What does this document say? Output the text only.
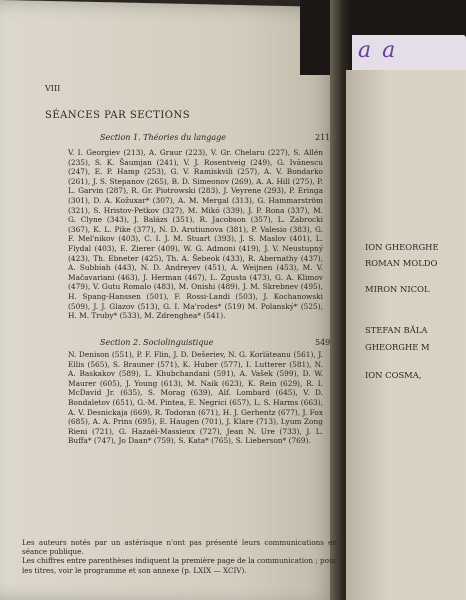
a a
VIII
SÉANCES PAR SECTIONS
Section 1. Théories du langage	211
V. I. Georgiev (213), A. Graur (223), V. Gr. Chelaru (227), S. Allén (235), S. K. Šaumjan (241), V. J. Rosentveig (249), G. Ivănescu (247), E. P. Hamp (253), G. V. Ramiskvili (257), A. V. Bondarko (261), J. S. Stepanov (265), B. D. Simeonov (269), A. A. Hill (275), P. L. Garvin (287), R. Gr. Piotrowski (283), J. Veyrene (293), P. Eringa (301), D. A. Kožuxar* (307), A. M. Mergal (313), G. Hammarström (321), S. Hristov-Petkov (327), M. Mikó (339), J. P. Rona (337), M. G. Clyne (343), J. Balázs (351), R. Jacobson (357), L. Zabrocki (367), K. L. Pike (377), N. D. Arutiunova (381), P. Valesio (383), G. F. Mel'nikov (403), C. I. J. M. Stuart (393), J. S. Maslov (401), L. Flydal (403), E. Zierer (409), W. G. Admoni (419), J. V. Neustupný (423), Th. Ebneter (425), Th. A. Šebeok (433), R. Abernathy (437), A. Subbiah (443), N. D. Andreyev (451), A. Weijnen (453), M. V. Mačavariani (463), J. Herman (467), L. Zgusta (473), G. A. Klimov (479), V. Gutu Romalo (483), M. Onishi (489), J. M. Skrebnev (495), H. Spang-Hanssen (501), F. Rossi-Landi (503), J. Kochanowski (509), J. J. Glazov (513), G. I. Ma'rodes* (519) M. Polanský* (525), H. M. Truby* (533), M. Zdrenghea* (541).
Section 2. Sociolinguistique	549
N. Denison (551), P. F. Flin, J. D. Dešeriev, N. G. Korlăteanu (561), J. Ellis (565), S. Brauner (571), K. Huber (577), I. Lutterer (581), N. A. Baskakov (589), L. Khubchandani (591), A. Vašek (599), D. W. Maurer (605), J. Young (613), M. Naik (623), K. Rein (629), R. I. McDavid Jr. (635), S. Morag (639), Alf. Lombard (645), V. D. Bondaletov (651), G.-M. Pintea, E. Negrici (657), L. S. Harms (663), A. V. Desnickaja (669), R. Todoran (671), H. J. Gerhentz (677), J. Fox (685), A. A. Prins (695), E. Haugen (701), J. Klare (713), Lyum Zong Rieni (721), G. Hazaël-Massieux (727), Jean N. Ure (733), J. L. Buffa* (747), Jo Daan* (759), S. Kata* (765), S. Lieberson* (769).
Les auteurs notés par un astérisque n'ont pas présenté leurs communications en séance publique.
Les chiffres entre parenthèses indiquent la première page de la communication ; pour les titres, voir le programme et son annexe (p. LXIX — XCIV).
ION GHEORGHE
ROMAN MOLDO
MIRON NICOL
STEFAN BĂLA
GHEORGHE M
ION COSMA,
